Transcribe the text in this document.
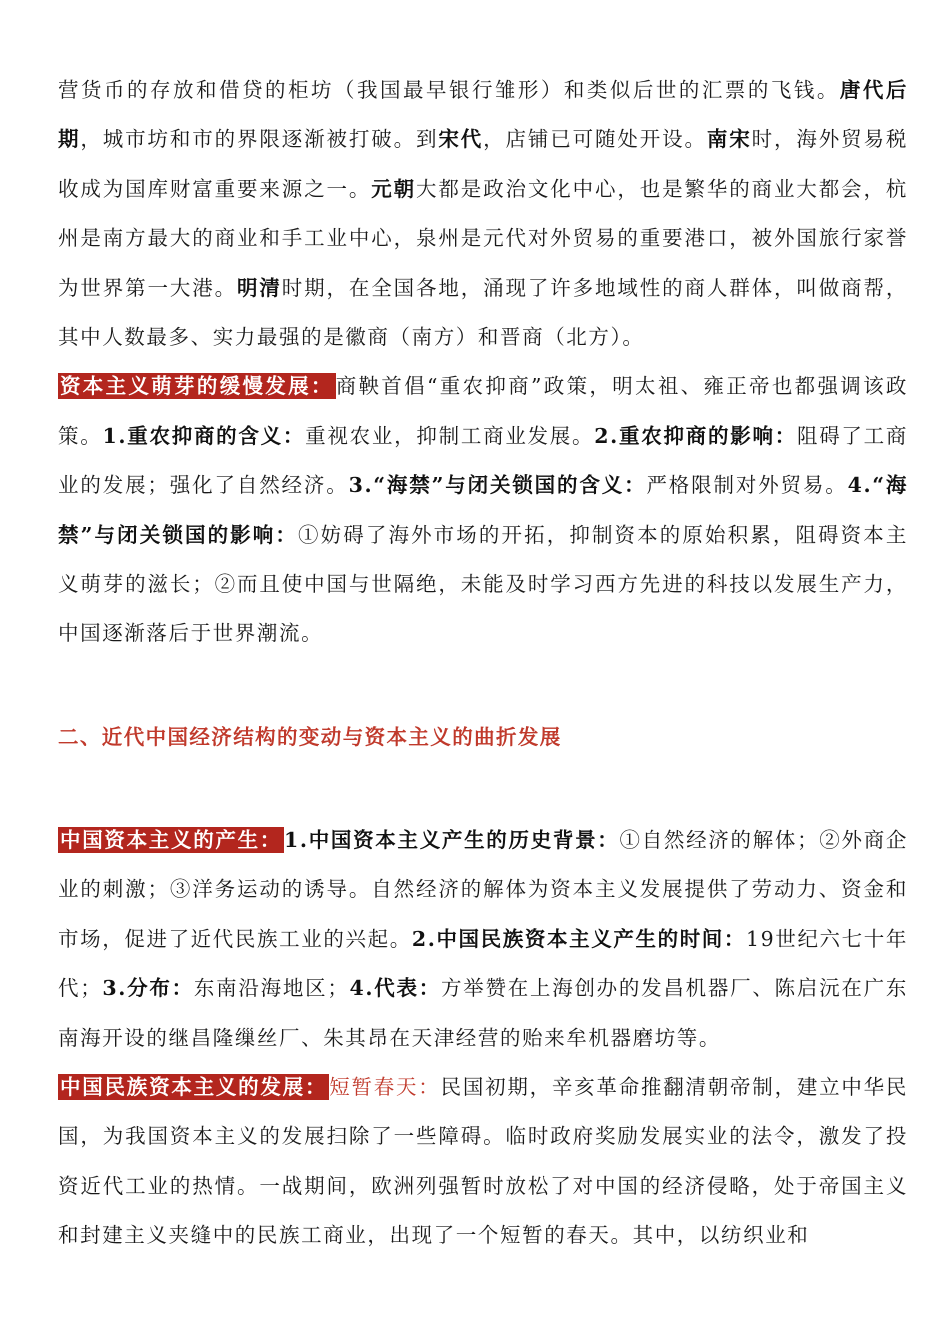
营货币的存放和借贷的柜坊（我国最早银行雏形）和类似后世的汇票的飞钱。唐代后期，城市坊和市的界限逐渐被打破。到宋代，店铺已可随处开设。南宋时，海外贸易税收成为国库财富重要来源之一。元朝大都是政治文化中心，也是繁华的商业大都会，杭州是南方最大的商业和手工业中心，泉州是元代对外贸易的重要港口，被外国旅行家誉为世界第一大港。明清时期，在全国各地，涌现了许多地域性的商人群体，叫做商帮，其中人数最多、实力最强的是徽商（南方）和晋商（北方）。

资本主义萌芽的缓慢发展：商鞅首倡“重农抑商”政策，明太祖、雍正帝也都强调该政策。1.重农抑商的含义：重视农业，抑制工商业发展。2.重农抑商的影响：阻碍了工商业的发展；强化了自然经济。3.“海禁”与闭关锁国的含义：严格限制对外贸易。4.“海禁”与闭关锁国的影响：①妨碍了海外市场的开拓，抑制资本的原始积累，阻碍资本主义萌芽的滋长；②而且使中国与世隔绝，未能及时学习西方先进的科技以发展生产力，中国逐渐落后于世界潮流。

二、近代中国经济结构的变动与资本主义的曲折发展

中国资本主义的产生：1.中国资本主义产生的历史背景：①自然经济的解体；②外商企业的刺激；③洋务运动的诱导。自然经济的解体为资本主义发展提供了劳动力、资金和市场，促进了近代民族工业的兴起。2.中国民族资本主义产生的时间：19世纪六七十年代；3.分布：东南沿海地区；4.代表：方举赞在上海创办的发昌机器厂、陈启沅在广东南海开设的继昌隆缫丝厂、朱其昂在天津经营的贻来牟机器磨坊等。

中国民族资本主义的发展：短暂春天：民国初期，辛亥革命推翻清朝帝制，建立中华民国，为我国资本主义的发展扫除了一些障碍。临时政府奖励发展实业的法令，激发了投资近代工业的热情。一战期间，欧洲列强暂时放松了对中国的经济侵略，处于帝国主义和封建主义夹缝中的民族工商业，出现了一个短暂的春天。其中，以纺织业和
